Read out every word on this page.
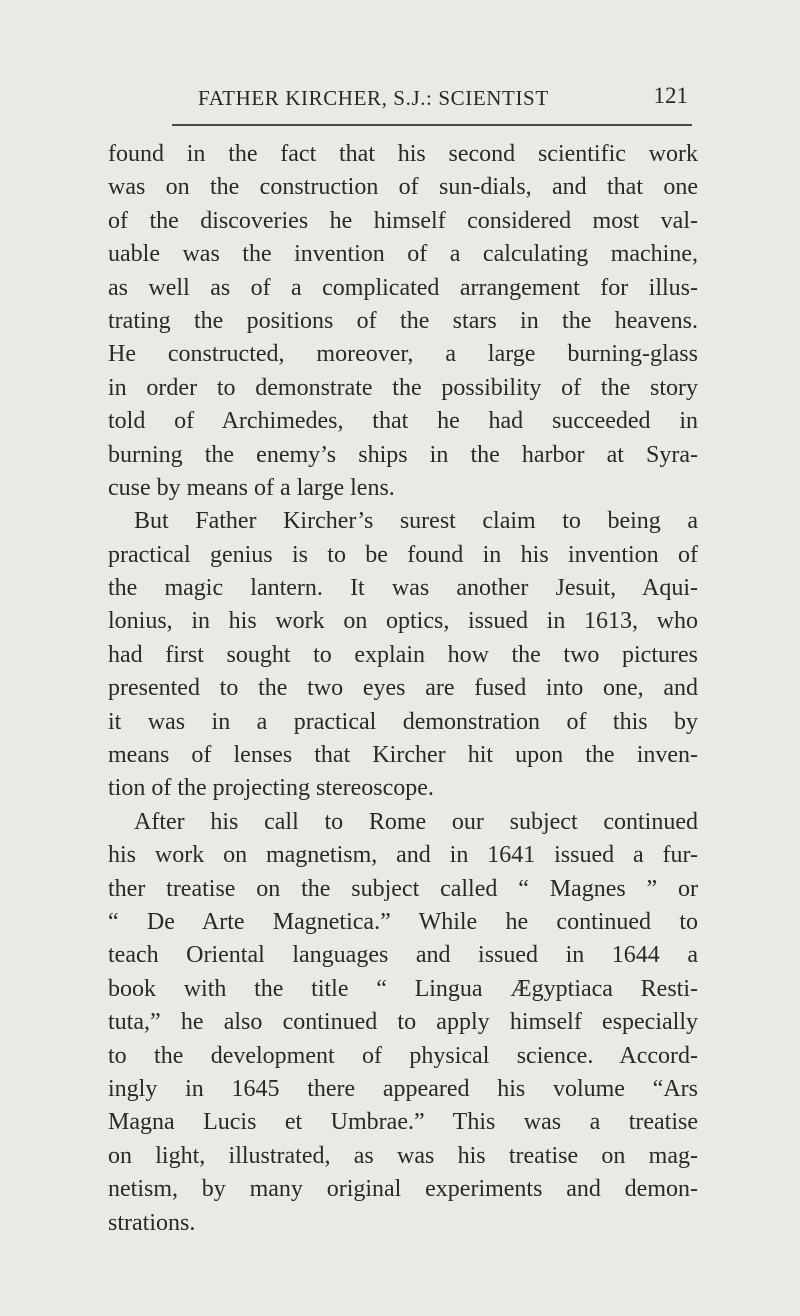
FATHER KIRCHER, S.J.: SCIENTIST	121
found in the fact that his second scientific work
was on the construction of sun-dials, and that one
of the discoveries he himself considered most val-
uable was the invention of a calculating machine,
as well as of a complicated arrangement for illus-
trating the positions of the stars in the heavens.
He constructed, moreover, a large burning-glass
in order to demonstrate the possibility of the story
told of Archimedes, that he had succeeded in
burning the enemy’s ships in the harbor at Syra-
cuse by means of a large lens.
But Father Kircher’s surest claim to being a
practical genius is to be found in his invention of
the magic lantern. It was another Jesuit, Aqui-
lonius, in his work on optics, issued in 1613, who
had first sought to explain how the two pictures
presented to the two eyes are fused into one, and
it was in a practical demonstration of this by
means of lenses that Kircher hit upon the inven-
tion of the projecting stereoscope.
After his call to Rome our subject continued
his work on magnetism, and in 1641 issued a fur-
ther treatise on the subject called “ Magnes ” or
“ De Arte Magnetica.” While he continued to
teach Oriental languages and issued in 1644 a
book with the title “ Lingua Ægyptiaca Resti-
tuta,” he also continued to apply himself especially
to the development of physical science. Accord-
ingly in 1645 there appeared his volume “Ars
Magna Lucis et Umbrae.” This was a treatise
on light, illustrated, as was his treatise on mag-
netism, by many original experiments and demon-
strations.
